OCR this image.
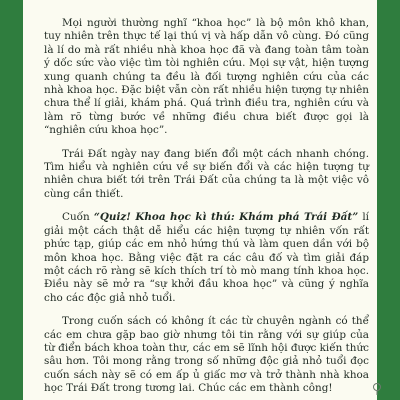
Mọi người thường nghĩ “khoa học” là bộ môn khô khan, tuy nhiên trên thực tế lại thú vị và hấp dẫn vô cùng. Đó cũng là lí do mà rất nhiều nhà khoa học đã và đang toàn tâm toàn ý dốc sức vào việc tìm tòi nghiên cứu. Mọi sự vật, hiện tượng xung quanh chúng ta đều là đối tượng nghiên cứu của các nhà khoa học. Đặc biệt vẫn còn rất nhiều hiện tượng tự nhiên chưa thể lí giải, khám phá. Quá trình điều tra, nghiên cứu và làm rõ từng bước về những điều chưa biết được gọi là “nghiên cứu khoa học”.

Trái Đất ngày nay đang biến đổi một cách nhanh chóng. Tìm hiểu và nghiên cứu về sự biến đổi và các hiện tượng tự nhiên chưa biết tới trên Trái Đất của chúng ta là một việc vô cùng cần thiết.

Cuốn “Quiz! Khoa học kì thú: Khám phá Trái Đất” lí giải một cách thật dễ hiểu các hiện tượng tự nhiên vốn rất phức tạp, giúp các em nhỏ hứng thú và làm quen dần với bộ môn khoa học. Bằng việc đặt ra các câu đố và tìm giải đáp một cách rõ ràng sẽ kích thích trí tò mò mang tính khoa học. Điều này sẽ mở ra “sự khởi đầu khoa học” và cũng ý nghĩa cho các độc giả nhỏ tuổi.

Trong cuốn sách có không ít các từ chuyên ngành có thể các em chưa gặp bao giờ nhưng tôi tin rằng với sự giúp của từ điển bách khoa toàn thư, các em sẽ lĩnh hội được kiến thức sâu hơn. Tôi mong rằng trong số những độc giả nhỏ tuổi đọc cuốn sách này sẽ có em ấp ủ giấc mơ và trở thành nhà khoa học Trái Đất trong tương lai. Chúc các em thành công!
